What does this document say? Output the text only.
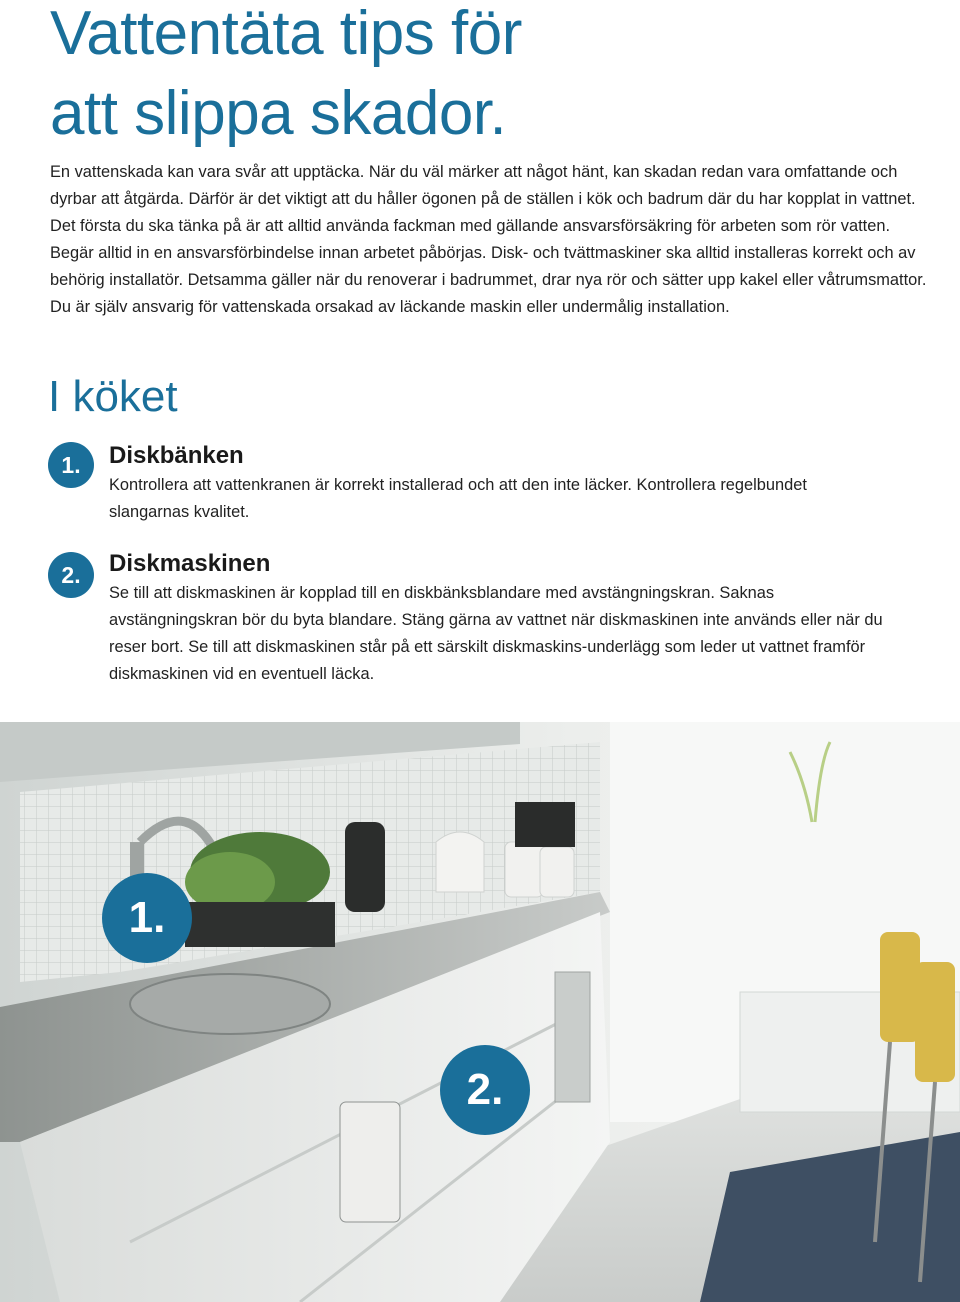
Vattentäta tips för
att slippa skador.

En vattenskada kan vara svår att upptäcka. När du väl märker att något hänt, kan skadan redan vara omfattande och dyrbar att åtgärda. Därför är det viktigt att du håller ögonen på de ställen i kök och badrum där du har kopplat in vattnet. Det första du ska tänka på är att alltid använda fackman med gällande ansvarsförsäkring för arbeten som rör vatten. Begär alltid in en ansvarsförbindelse innan arbetet påbörjas. Disk- och tvättmaskiner ska alltid installeras korrekt och av behörig installatör. Detsamma gäller när du renoverar i badrummet, drar nya rör och sätter upp kakel eller våtrumsmattor. Du är själv ansvarig för vattenskada orsakad av läckande maskin eller undermålig installation.

I köket
1.	Diskbänken

Kontrollera att vattenkranen är korrekt installerad och att den inte läcker. Kontrollera regelbundet slangarnas kvalitet.

2.	Diskmaskinen

Se till att diskmaskinen är kopplad till en diskbänksblandare med avstängningskran. Saknas avstängningskran bör du byta blandare. Stäng gärna av vattnet när diskmaskinen inte används eller när du reser bort. Se till att diskmaskinen står på ett särskilt diskmaskins-underlägg som leder ut vattnet framför diskmaskinen vid en eventuell läcka.

1.
2.
